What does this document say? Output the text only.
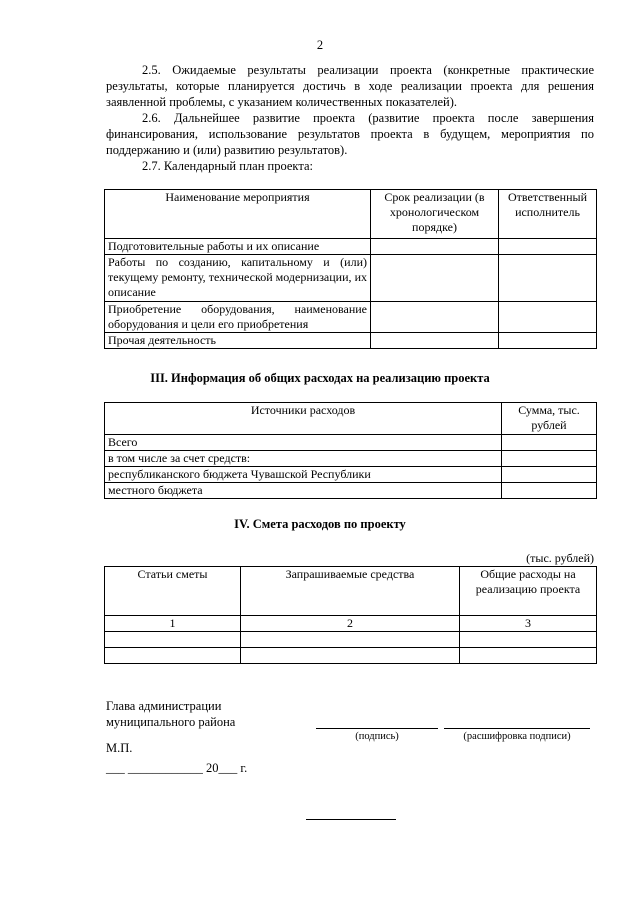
2

2.5. Ожидаемые результаты реализации проекта (конкретные практические результаты, которые планируется достичь в ходе реализации проекта для решения заявленной проблемы, с указанием количественных показателей).

2.6. Дальнейшее развитие проекта (развитие проекта после завершения финансирования, использование результатов проекта в будущем, мероприятия по поддержанию и (или) развитию результатов).

2.7. Календарный план проекта:

Наименование мероприятия	Срок реализации (в хронологическом порядке)	Ответственный исполнитель
Подготовительные работы и их описание		
Работы по созданию, капитальному и (или) текущему ремонту, технической модернизации, их описание		
Приобретение оборудования, наименование оборудования и цели его приобретения		
Прочая деятельность		
III. Информация об общих расходах на реализацию проекта
Источники расходов	Сумма, тыс. рублей
Всего	
в том числе за счет средств:	
республиканского бюджета Чувашской Республики	
местного бюджета	
IV. Смета расходов по проекту
(тыс. рублей)
Статьи сметы	Запрашиваемые средства	Общие расходы на реализацию проекта
1	2	3

Глава администрации
муниципального района
(подпись)	(расшифровка подписи)
М.П.
___ ____________ 20___ г.
